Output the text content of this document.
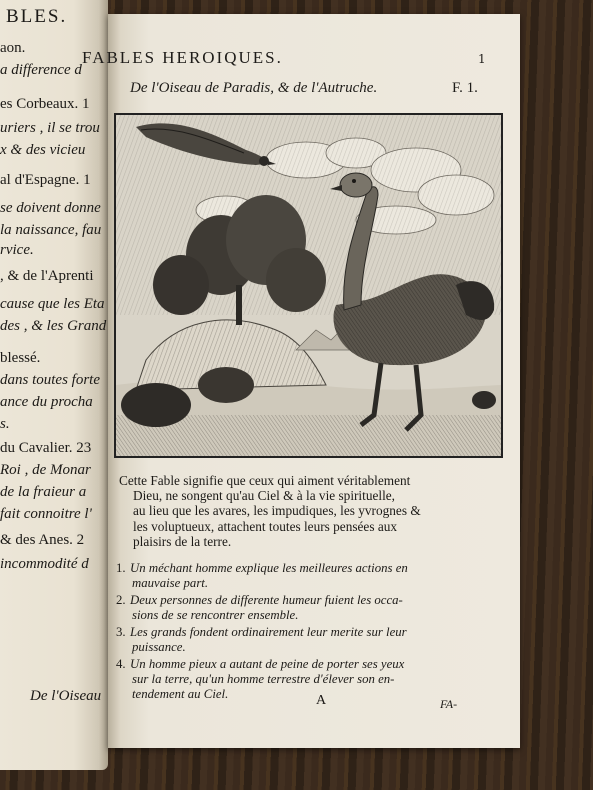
De l'Oiseau
BLES.
aon.
a difference d
es Corbeaux. 1
uriers , il se trou
x & des vicieu
al d'Espagne. 1
se doivent donne
la naissance, fau
rvice.
, & de l'Aprenti
cause que les Eta
des , & les Grand
blessé.
dans toutes forte
ance du procha
s.
du Cavalier. 23
Roi , de Monar
de la fraieur a
fait connoitre l'
& des Anes. 2
incommodité d
FABLES HEROIQUES.	1
De l'Oiseau de Paradis, & de l'Autruche.	F. 1.

Cette Fable signifie que ceux qui aiment véritablement

Dieu, ne songent qu'au Ciel & à la vie spirituelle,

au lieu que les avares, les impudiques, les yvrognes &

les voluptueux, attachent toutes leurs pensées aux

plaisirs de la terre.

1. Un méchant homme explique les meilleures actions en
mauvaise part.
2. Deux personnes de differente humeur fuient les occa-
sions de se rencontrer ensemble.
3. Les grands fondent ordinairement leur merite sur leur
puissance.
4. Un homme pieux a autant de peine de porter ses yeux
sur la terre, qu'un homme terrestre d'élever son en-
tendement au Ciel.	A	FA-
